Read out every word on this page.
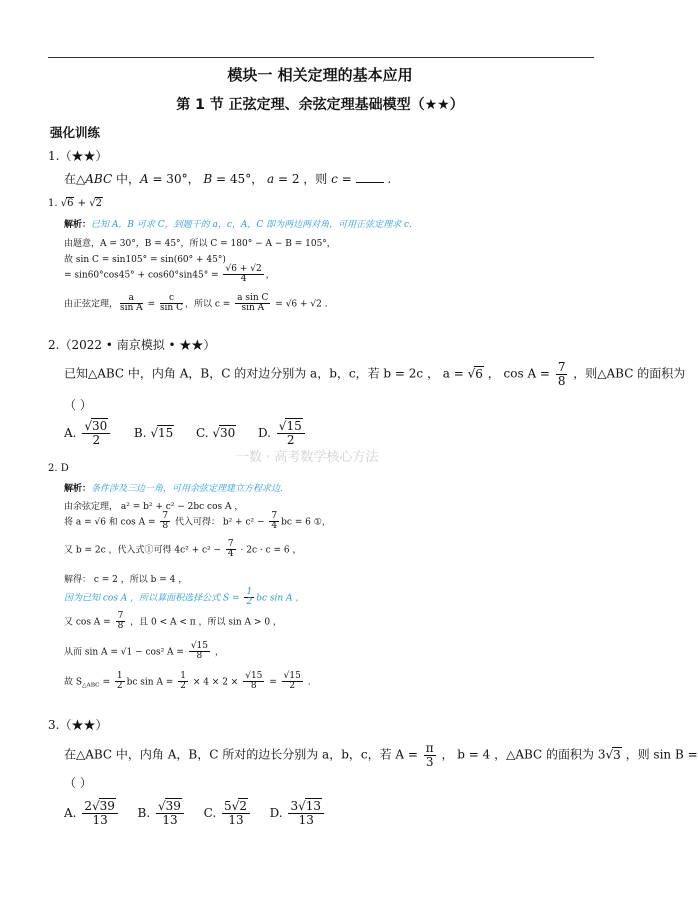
模块一 相关定理的基本应用
第 1 节 正弦定理、余弦定理基础模型（★★）
强化训练
1.（★★）
在△ABC 中，A = 30°， B = 45°， a = 2 ，则 c =  .
1. √6 + √2
解析：已知 A，B 可求 C，到题干的 a，c，A，C 即为两边两对角，可用正弦定理求 c．
由题意，A = 30°，B = 45°，所以 C = 180° − A − B = 105°，
故 sin C = sin105° = sin(60° + 45°)
= $\sin 60^\circ\cos 45^\circ + \cos 60^\circ\sin 45^\circ = \frac{√6 + √2}{4}$ ，
由正弦定理， $\frac{a}{\text{sin A}} = \frac{c}{\text{sin C}}$ ，所以 $c = \frac{\text{a sin C}}{\text{sin A}} = √6 + √2$ .
2.（2022 • 南京模拟 • ★★）
已知△ABC 中，内角 A，B，C 的对边分别为 a，b，c，若 b = 2c ， a = √6 ， $\cos A = \frac{7}{8}$ ，则△ABC 的面积为
（ ）
A. $\frac{√30}{2} B$. √15 C. √30 D. $\frac{√15}{2}$
一数 · 高考数学核心方法
2. D
解析：条件涉及三边一角，可用余弦定理建立方程求边．
由余弦定理， a² = b² + c² − 2bc cos A ，
将 a = √6 和 $\cos A = \frac{7}{8}$ 代入可得： $b^2 + c^2 - \frac{7}{4}$ bc = 6 ①，
又 b = 2c ，代入式①可得 $4c^2 + c^2 - \frac{7}{4} \cdot 2c \cdot c = 6$ ，
解得： c = 2 ，所以 b = 4 ，
因为已知 cos A ，所以算面积选择公式 $S = \frac{1}{2}$ bc sin A ，
又 $\cos A = \frac{7}{8}$ ，且 0 < A < π ，所以 sin A > 0 ，
从而 sin A = √1 − cos² $A = \frac{√15}{8}$ ，
故 $S_{\triangle ABC} = \frac{1}{2}$ bc $\sin A = \frac{1}{2} \times 4 \times 2 \times \frac{√15}{8} = \frac{√15}{2}$ .
3.（★★）
在△ABC 中，内角 A，B，C 所对的边长分别为 a，b，c，若 $A = \frac{\pi}{3}$ ， b = 4 ，△ABC 的面积为 3√3 ，则 sin B =
（ ）
A. $\frac{2√39}{13} B$. $\frac{√39}{13} C$. $\frac{5√2}{13} D$. $\frac{3√13}{13}$
